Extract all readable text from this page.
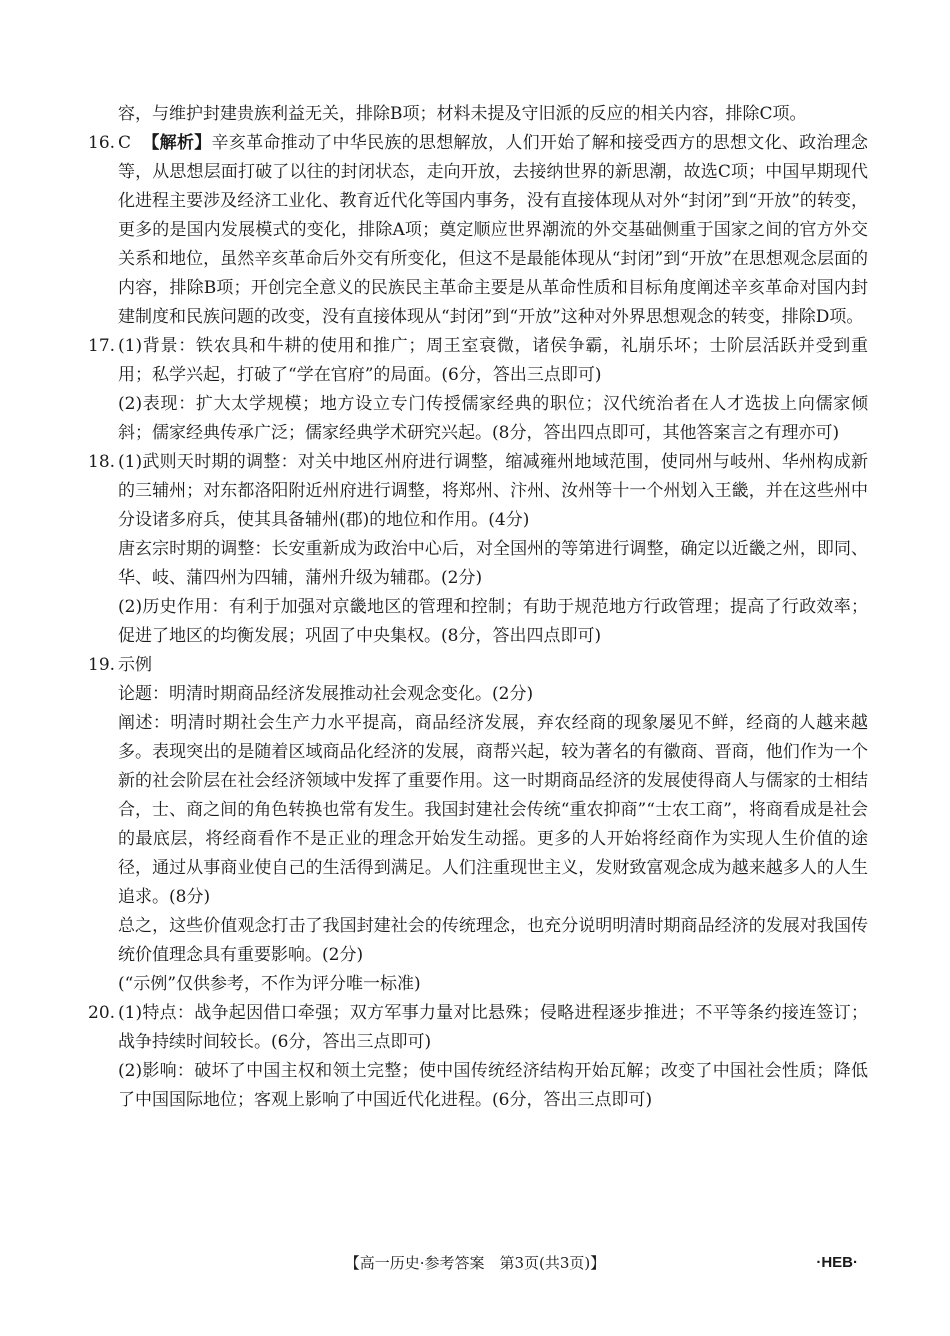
容，与维护封建贵族利益无关，排除B项；材料未提及守旧派的反应的相关内容，排除C项。

16. C 【解析】辛亥革命推动了中华民族的思想解放，人们开始了解和接受西方的思想文化、政治理念等，从思想层面打破了以往的封闭状态，走向开放，去接纳世界的新思潮，故选C项；中国早期现代化进程主要涉及经济工业化、教育近代化等国内事务，没有直接体现从对外“封闭”到“开放”的转变，更多的是国内发展模式的变化，排除A项；奠定顺应世界潮流的外交基础侧重于国家之间的官方外交关系和地位，虽然辛亥革命后外交有所变化，但这不是最能体现从“封闭”到“开放”在思想观念层面的内容，排除B项；开创完全意义的民族民主革命主要是从革命性质和目标角度阐述辛亥革命对国内封建制度和民族问题的改变，没有直接体现从“封闭”到“开放”这种对外界思想观念的转变，排除D项。

17. (1)背景：铁农具和牛耕的使用和推广；周王室衰微，诸侯争霸，礼崩乐坏；士阶层活跃并受到重用；私学兴起，打破了“学在官府”的局面。(6分，答出三点即可)

(2)表现：扩大太学规模；地方设立专门传授儒家经典的职位；汉代统治者在人才选拔上向儒家倾斜；儒家经典传承广泛；儒家经典学术研究兴起。(8分，答出四点即可，其他答案言之有理亦可)

18. (1)武则天时期的调整：对关中地区州府进行调整，缩减雍州地域范围，使同州与岐州、华州构成新的三辅州；对东都洛阳附近州府进行调整，将郑州、汴州、汝州等十一个州划入王畿，并在这些州中分设诸多府兵，使其具备辅州(郡)的地位和作用。(4分)

唐玄宗时期的调整：长安重新成为政治中心后，对全国州的等第进行调整，确定以近畿之州，即同、华、岐、蒲四州为四辅，蒲州升级为辅郡。(2分)

(2)历史作用：有利于加强对京畿地区的管理和控制；有助于规范地方行政管理；提高了行政效率；促进了地区的均衡发展；巩固了中央集权。(8分，答出四点即可)

19. 示例

论题：明清时期商品经济发展推动社会观念变化。(2分)

阐述：明清时期社会生产力水平提高，商品经济发展，弃农经商的现象屡见不鲜，经商的人越来越多。表现突出的是随着区域商品化经济的发展，商帮兴起，较为著名的有徽商、晋商，他们作为一个新的社会阶层在社会经济领域中发挥了重要作用。这一时期商品经济的发展使得商人与儒家的士相结合，士、商之间的角色转换也常有发生。我国封建社会传统“重农抑商”“士农工商”，将商看成是社会的最底层，将经商看作不是正业的理念开始发生动摇。更多的人开始将经商作为实现人生价值的途径，通过从事商业使自己的生活得到满足。人们注重现世主义，发财致富观念成为越来越多人的人生追求。(8分)

总之，这些价值观念打击了我国封建社会的传统理念，也充分说明明清时期商品经济的发展对我国传统价值理念具有重要影响。(2分)

(“示例”仅供参考，不作为评分唯一标准)

20. (1)特点：战争起因借口牵强；双方军事力量对比悬殊；侵略进程逐步推进；不平等条约接连签订；战争持续时间较长。(6分，答出三点即可)

(2)影响：破坏了中国主权和领土完整；使中国传统经济结构开始瓦解；改变了中国社会性质；降低了中国国际地位；客观上影响了中国近代化进程。(6分，答出三点即可)

【高一历史·参考答案　第3页(共3页)】	·HEB·
